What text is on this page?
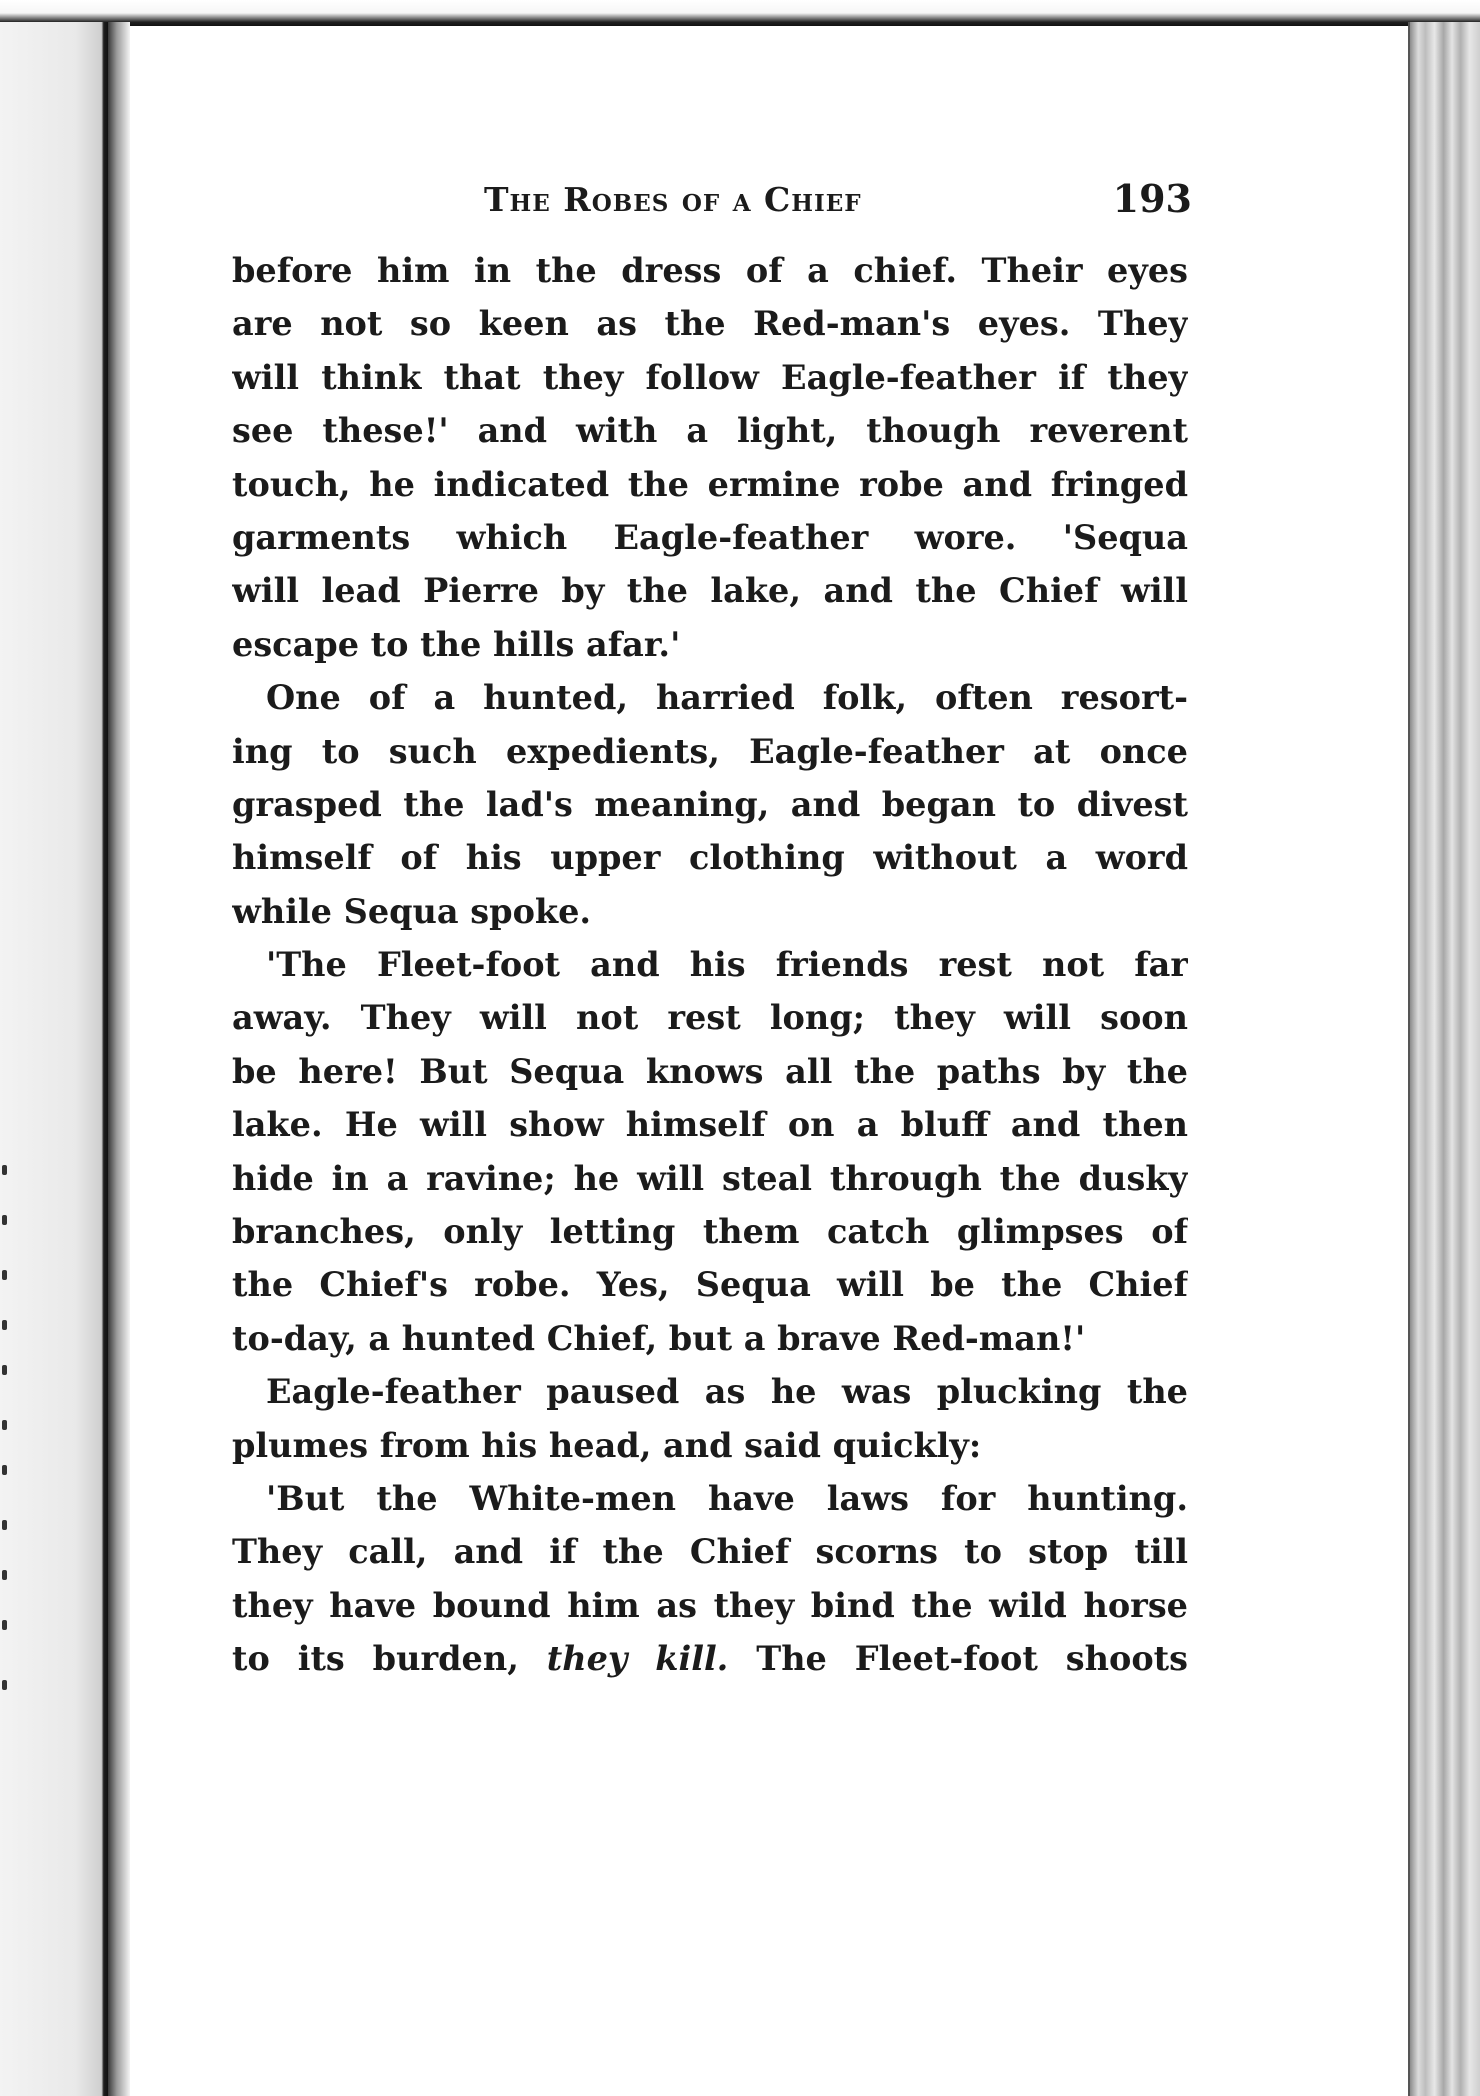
The Robes of a Chief	193
before him in the dress of a chief. Their eyes
are not so keen as the Red-man's eyes. They
will think that they follow Eagle-feather if they
see these!' and with a light, though reverent
touch, he indicated the ermine robe and fringed
garments which Eagle-feather wore. 'Sequa
will lead Pierre by the lake, and the Chief will
escape to the hills afar.'
One of a hunted, harried folk, often resort-
ing to such expedients, Eagle-feather at once
grasped the lad's meaning, and began to divest
himself of his upper clothing without a word
while Sequa spoke.
'The Fleet-foot and his friends rest not far
away. They will not rest long; they will soon
be here! But Sequa knows all the paths by the
lake. He will show himself on a bluff and then
hide in a ravine; he will steal through the dusky
branches, only letting them catch glimpses of
the Chief's robe. Yes, Sequa will be the Chief
to-day, a hunted Chief, but a brave Red-man!'
Eagle-feather paused as he was plucking the
plumes from his head, and said quickly:
'But the White-men have laws for hunting.
They call, and if the Chief scorns to stop till
they have bound him as they bind the wild horse
to its burden, they kill. The Fleet-foot shoots
